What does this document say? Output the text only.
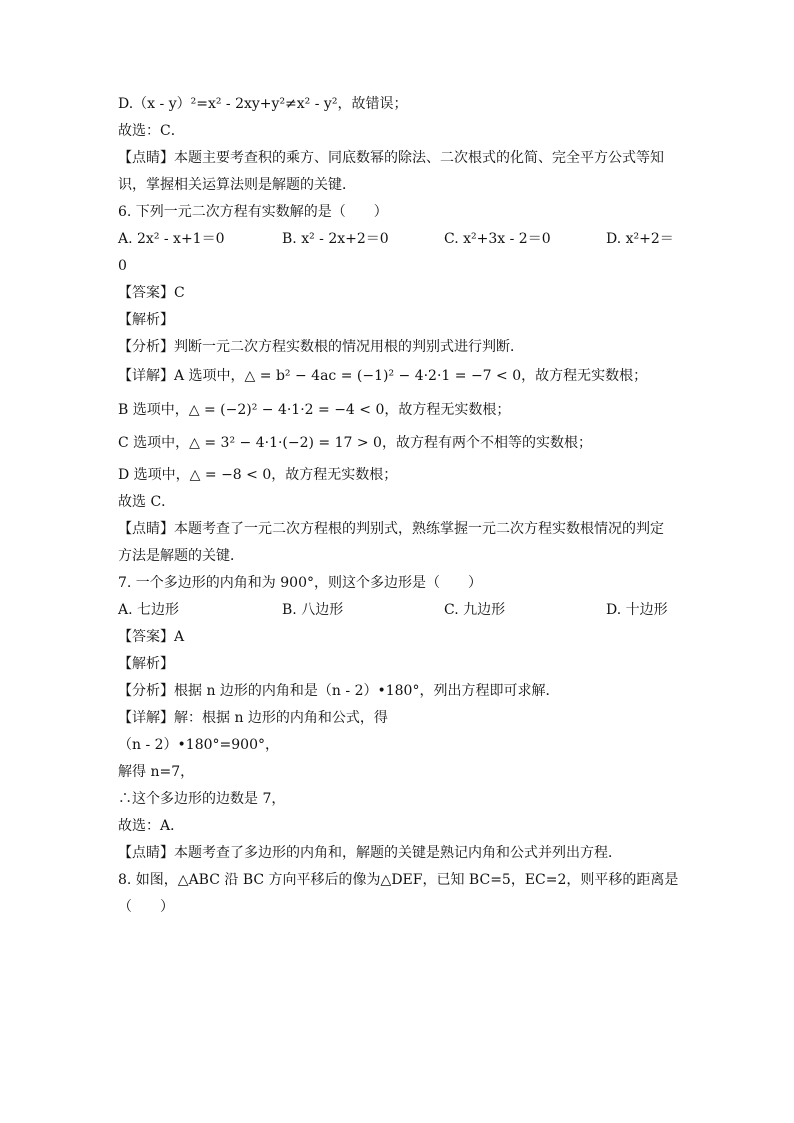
D.（x - y）²=x² - 2xy+y²≠x² - y²，故错误；
故选：C．
【点睛】本题主要考查积的乘方、同底数幂的除法、二次根式的化简、完全平方公式等知
识，掌握相关运算法则是解题的关键．
6. 下列一元二次方程有实数解的是（　　）
A. 2x² - x+1＝0	B. x² - 2x+2＝0	C. x²+3x - 2＝0	D. x²+2＝
0
【答案】C
【解析】
【分析】判断一元二次方程实数根的情况用根的判别式进行判断．
【详解】A 选项中，△ = b² − 4ac = (−1)² − 4·2·1 = −7 < 0，故方程无实数根；
B 选项中，△ = (−2)² − 4·1·2 = −4 < 0，故方程无实数根；
C 选项中，△ = 3² − 4·1·(−2) = 17 > 0，故方程有两个不相等的实数根；
D 选项中，△ = −8 < 0，故方程无实数根；
故选 C．
【点睛】本题考查了一元二次方程根的判别式，熟练掌握一元二次方程实数根情况的判定
方法是解题的关键．
7. 一个多边形的内角和为 900°，则这个多边形是（　　）
A. 七边形	B. 八边形	C. 九边形	D. 十边形
【答案】A
【解析】
【分析】根据 n 边形的内角和是（n - 2）•180°，列出方程即可求解．
【详解】解：根据 n 边形的内角和公式，得
（n - 2）•180°=900°，
解得 n=7，
∴这个多边形的边数是 7，
故选：A．
【点睛】本题考查了多边形的内角和，解题的关键是熟记内角和公式并列出方程．
8. 如图，△ABC 沿 BC 方向平移后的像为△DEF，已知 BC=5，EC=2，则平移的距离是
（　　）
